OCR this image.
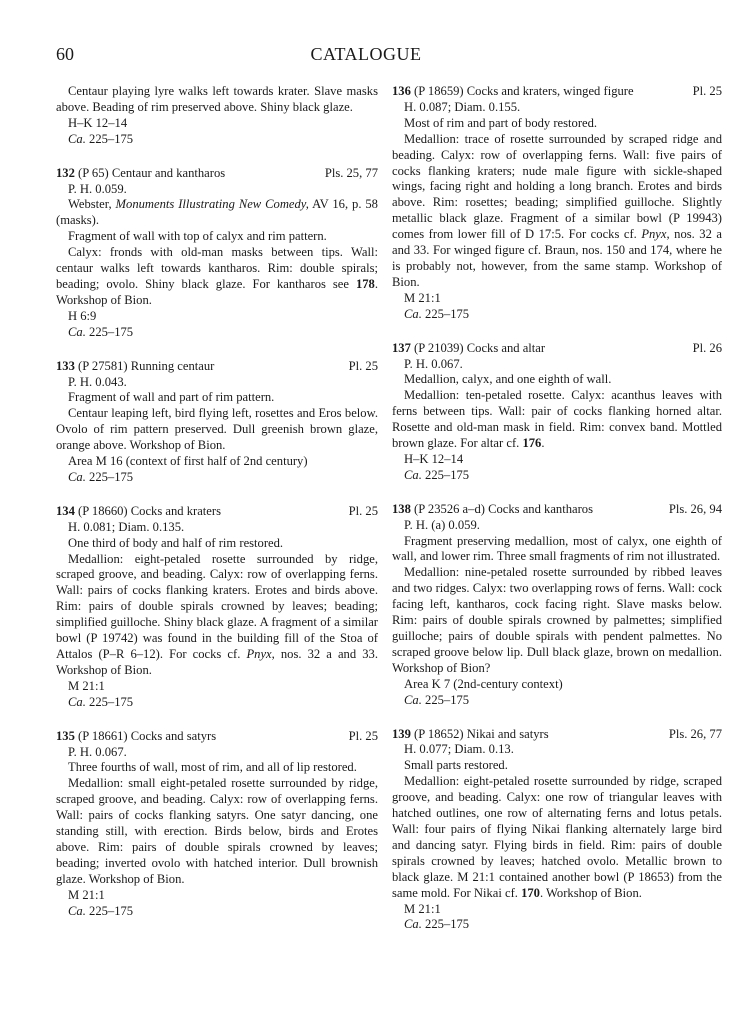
60	CATALOGUE

Centaur playing lyre walks left towards krater. Slave masks above. Beading of rim preserved above. Shiny black glaze.

H–K 12–14

Ca. 225–175

132 (P 65) Centaur and kantharos	Pls. 25, 77

P. H. 0.059.

Webster, Monuments Illustrating New Comedy, AV 16, p. 58 (masks).

Fragment of wall with top of calyx and rim pattern.

Calyx: fronds with old-man masks between tips. Wall: centaur walks left towards kantharos. Rim: double spirals; beading; ovolo. Shiny black glaze. For kantharos see 178. Workshop of Bion.

H 6:9

Ca. 225–175

133 (P 27581) Running centaur	Pl. 25

P. H. 0.043.

Fragment of wall and part of rim pattern.

Centaur leaping left, bird flying left, rosettes and Eros below. Ovolo of rim pattern preserved. Dull greenish brown glaze, orange above. Workshop of Bion.

Area M 16 (context of first half of 2nd century)

Ca. 225–175

134 (P 18660) Cocks and kraters	Pl. 25

H. 0.081; Diam. 0.135.

One third of body and half of rim restored.

Medallion: eight-petaled rosette surrounded by ridge, scraped groove, and beading. Calyx: row of overlapping ferns. Wall: pairs of cocks flanking kraters. Erotes and birds above. Rim: pairs of double spirals crowned by leaves; beading; simplified guilloche. Shiny black glaze. A fragment of a similar bowl (P 19742) was found in the building fill of the Stoa of Attalos (P–R 6–12). For cocks cf. Pnyx, nos. 32 a and 33. Workshop of Bion.

M 21:1

Ca. 225–175

135 (P 18661) Cocks and satyrs	Pl. 25

P. H. 0.067.

Three fourths of wall, most of rim, and all of lip restored.

Medallion: small eight-petaled rosette surrounded by ridge, scraped groove, and beading. Calyx: row of overlapping ferns. Wall: pairs of cocks flanking satyrs. One satyr dancing, one standing still, with erection. Birds below, birds and Erotes above. Rim: pairs of double spirals crowned by leaves; beading; inverted ovolo with hatched interior. Dull brownish glaze. Workshop of Bion.

M 21:1

Ca. 225–175

136 (P 18659) Cocks and kraters, winged figure	Pl. 25

H. 0.087; Diam. 0.155.

Most of rim and part of body restored.

Medallion: trace of rosette surrounded by scraped ridge and beading. Calyx: row of overlapping ferns. Wall: five pairs of cocks flanking kraters; nude male figure with sickle-shaped wings, facing right and holding a long branch. Erotes and birds above. Rim: rosettes; beading; simplified guilloche. Slightly metallic black glaze. Fragment of a similar bowl (P 19943) comes from lower fill of D 17:5. For cocks cf. Pnyx, nos. 32 a and 33. For winged figure cf. Braun, nos. 150 and 174, where he is probably not, however, from the same stamp. Workshop of Bion.

M 21:1

Ca. 225–175

137 (P 21039) Cocks and altar	Pl. 26

P. H. 0.067.

Medallion, calyx, and one eighth of wall.

Medallion: ten-petaled rosette. Calyx: acanthus leaves with ferns between tips. Wall: pair of cocks flanking horned altar. Rosette and old-man mask in field. Rim: convex band. Mottled brown glaze. For altar cf. 176.

H–K 12–14

Ca. 225–175

138 (P 23526 a–d) Cocks and kantharos	Pls. 26, 94

P. H. (a) 0.059.

Fragment preserving medallion, most of calyx, one eighth of wall, and lower rim. Three small fragments of rim not illustrated.

Medallion: nine-petaled rosette surrounded by ribbed leaves and two ridges. Calyx: two overlapping rows of ferns. Wall: cock facing left, kantharos, cock facing right. Slave masks below. Rim: pairs of double spirals crowned by palmettes; simplified guilloche; pairs of double spirals with pendent palmettes. No scraped groove below lip. Dull black glaze, brown on medallion. Workshop of Bion?

Area K 7 (2nd-century context)

Ca. 225–175

139 (P 18652) Nikai and satyrs	Pls. 26, 77

H. 0.077; Diam. 0.13.

Small parts restored.

Medallion: eight-petaled rosette surrounded by ridge, scraped groove, and beading. Calyx: one row of triangular leaves with hatched outlines, one row of alternating ferns and lotus petals. Wall: four pairs of flying Nikai flanking alternately large bird and dancing satyr. Flying birds in field. Rim: pairs of double spirals crowned by leaves; hatched ovolo. Metallic brown to black glaze. M 21:1 contained another bowl (P 18653) from the same mold. For Nikai cf. 170. Workshop of Bion.

M 21:1

Ca. 225–175
